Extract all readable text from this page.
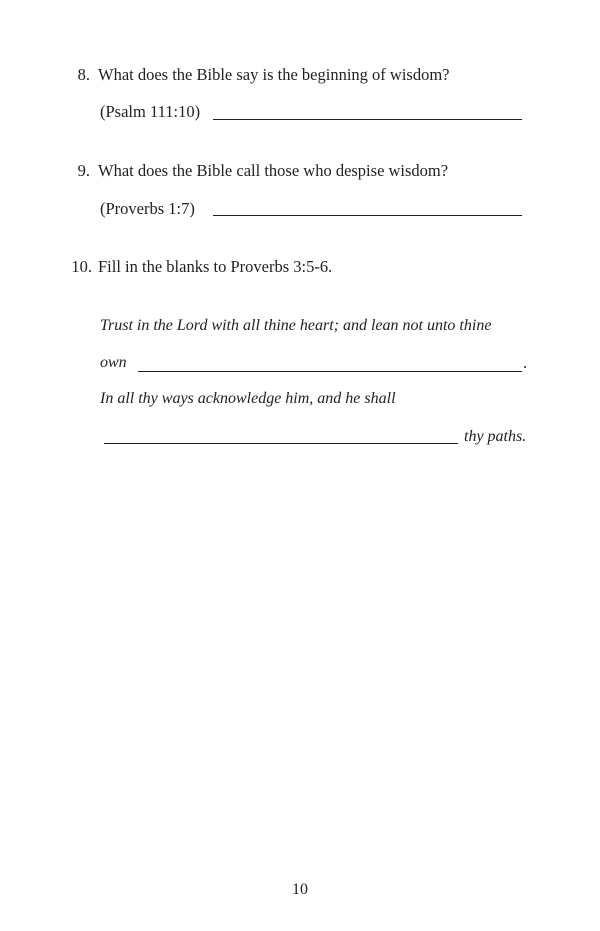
8. What does the Bible say is the beginning of wisdom?
(Psalm 111:10)
9. What does the Bible call those who despise wisdom?
(Proverbs 1:7)
10. Fill in the blanks to Proverbs 3:5-6.
Trust in the Lord with all thine heart; and lean not unto thine
own	.
In all thy ways acknowledge him, and he shall
thy paths.
10
